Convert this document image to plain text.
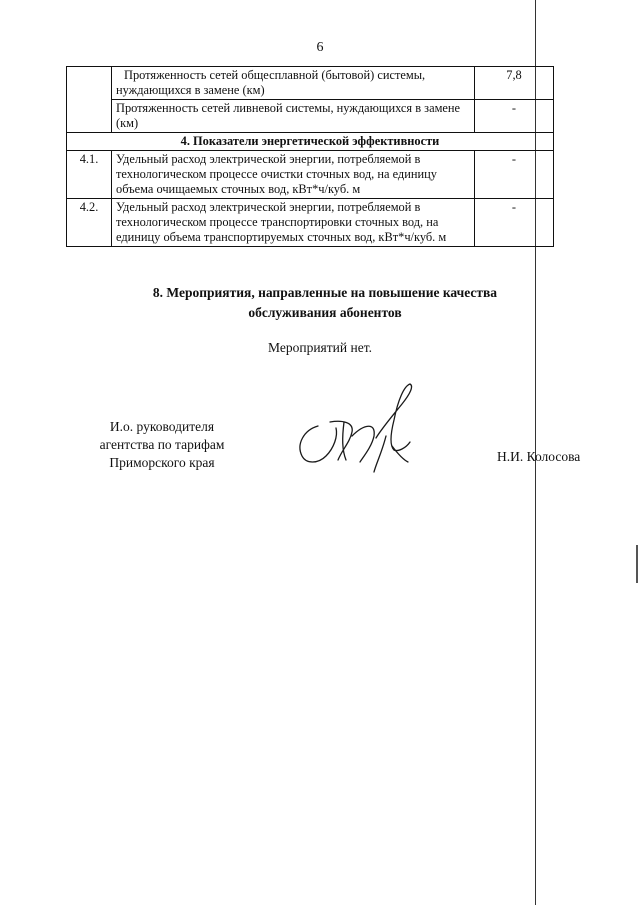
6
	Протяженность сетей общесплавной (бытовой) системы, нуждающихся в замене (км)	7,8
	Протяженность сетей ливневой системы, нуждающихся в замене (км)	-
4. Показатели энергетической эффективности		
4.1.	Удельный расход электрической энергии, потребляемой в технологическом процессе очистки сточных вод, на единицу объема очищаемых сточных вод, кВт*ч/куб. м	-
4.2.	Удельный расход электрической энергии, потребляемой в технологическом процессе транспортировки сточных вод, на единицу объема транспортируемых сточных вод, кВт*ч/куб. м	-
8. Мероприятия, направленные на повышение качества обслуживания абонентов
Мероприятий нет.
И.о. руководителя
агентства по тарифам
Приморского края	Н.И. Колосова
